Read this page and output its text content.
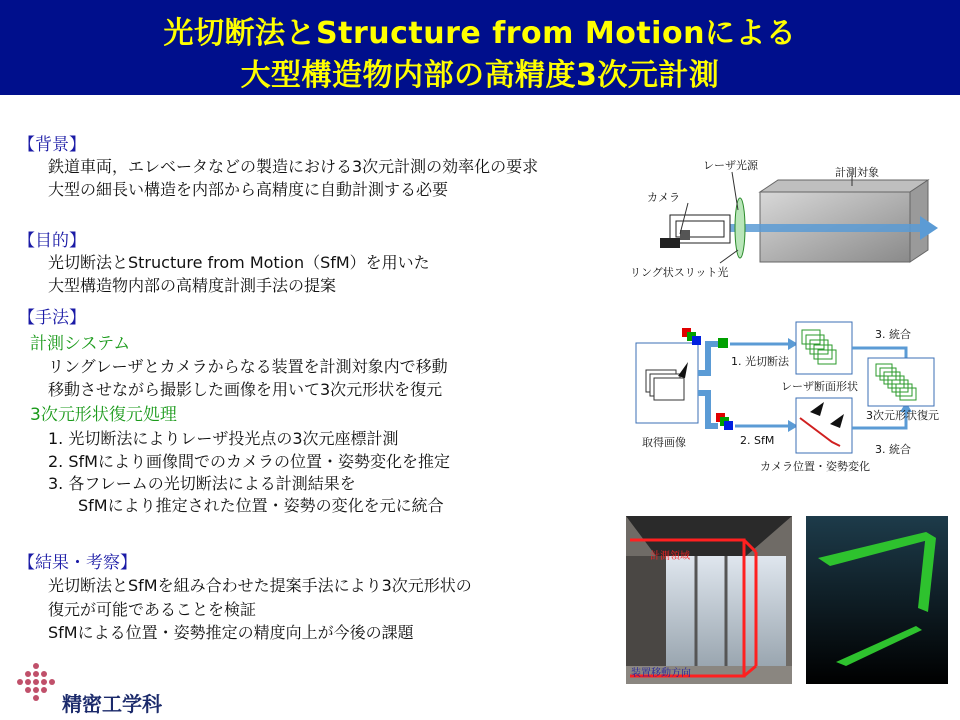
光切断法とStructure from Motionによる
大型構造物内部の高精度3次元計測
【背景】
鉄道車両，エレベータなどの製造における3次元計測の効率化の要求
大型の細長い構造を内部から高精度に自動計測する必要
【目的】
光切断法とStructure from Motion（SfM）を用いた
大型構造物内部の高精度計測手法の提案
【手法】
計測システム
リングレーザとカメラからなる装置を計測対象内で移動
移動させながら撮影した画像を用いて3次元形状を復元
3次元形状復元処理
1. 光切断法によりレーザ投光点の3次元座標計測
2. SfMにより画像間でのカメラの位置・姿勢変化を推定
3. 各フレームの光切断法による計測結果を
SfMにより推定された位置・姿勢の変化を元に統合
【結果・考察】
光切断法とSfMを組み合わせた提案手法により3次元形状の
復元が可能であることを検証
SfMによる位置・姿勢推定の精度向上が今後の課題
レーザ光源
計測対象
カメラ
リング状スリット光
1. 光切断法
2. SfM
3. 統合
3. 統合
取得画像
レーザ断面形状
カメラ位置・姿勢変化
3次元形状復元
計測領域
装置移動方向
精密工学科
